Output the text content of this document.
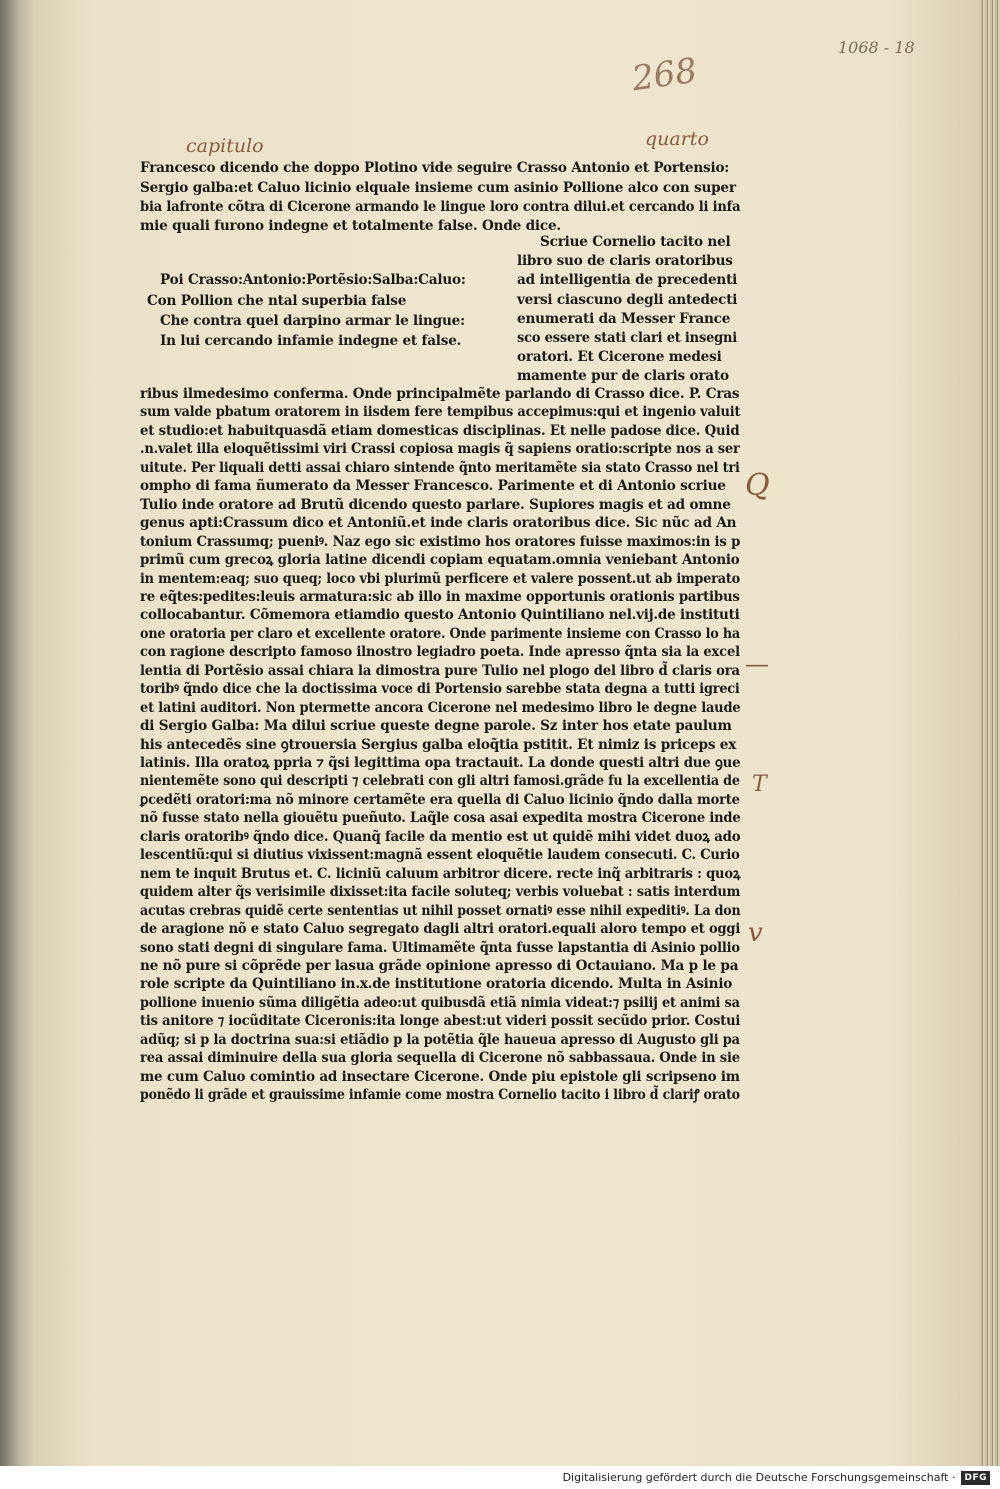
1068 - 18
268
capitulo	quarto
Q
—
T
v
Francesco dicendo che doppo Plotino vide seguire Crasso Antonio et Portensio:
Sergio galba:et Caluo licinio elquale insieme cum asinio Pollione alco con super
bia lafronte cõtra di Cicerone armando le lingue loro contra dilui.et cercando li infa
mie quali furono indegne et totalmente false. Onde dice.
Poi Crasso:Antonio:Portẽsio:Salba:Caluo:
Con Pollion che ntal superbia false
Che contra quel darpino armar le lingue:
In lui cercando infamie indegne et false.
Scriue Cornelio tacito nel
libro suo de claris oratoribus
ad intelligentia de precedenti
versi ciascuno degli antedecti
enumerati da Messer France
sco essere stati clari et insegni
oratori. Et Cicerone medesi
mamente pur de claris orato
ribus ilmedesimo conferma. Onde principalmẽte parlando di Crasso dice. P. Cras
sum valde pbatum oratorem in iisdem fere tempibus accepimus:qui et ingenio valuit
et studio:et habuitquasdã etiam domesticas disciplinas. Et nelle padose dice. Quid
.n.valet illa eloquẽtissimi viri Crassi copiosa magis q̃ sapiens oratio:scripte nos a ser
uitute. Per liquali detti assai chiaro sintende q̃nto meritamẽte sia stato Crasso nel tri
ompho di fama ñumerato da Messer Francesco. Parimente et di Antonio scriue
Tulio inde oratore ad Brutũ dicendo questo parlare. Supiores magis et ad omne
genus apti:Crassum dico et Antoniũ.et inde claris oratoribus dice. Sic nũc ad An
tonium Crassumq; pueniꝰ. Naz ego sic existimo hos oratores fuisse maximos:in is p
primũ cum grecoꝝ gloria latine dicendi copiam equatam.omnia veniebant Antonio
in mentem:eaq; suo queq; loco vbi plurimũ perficere et valere possent.ut ab imperato
re eq̃tes:pedites:leuis armatura:sic ab illo in maxime opportunis orationis partibus
collocabantur. Cõmemora etiamdio questo Antonio Quintiliano nel.vij.de instituti
one oratoria per claro et excellente oratore. Onde parimente insieme con Crasso lo ha
con ragione descripto famoso ilnostro legiadro poeta. Inde apresso q̃nta sia la excel
lentia di Portẽsio assai chiara la dimostra pure Tulio nel plogo del libro d̃ claris ora
toribꝰ q̃ndo dice che la doctissima voce di Portensio sarebbe stata degna a tutti igreci
et latini auditori. Non ptermette ancora Cicerone nel medesimo libro le degne laude
di Sergio Galba: Ma dilui scriue queste degne parole. Sz inter hos etate paulum
his antecedẽs sine ꝯtrouersia Sergius galba eloq̃tia pstitit. Et nimiz is priceps ex
latinis. Illa oratoꝝ ppria ⁊ q̃si legittima opa tractauit. La donde questi altri due ꝯue
nientemẽte sono qui descripti ⁊ celebrati con gli altri famosi.grãde fu la excellentia de
ꝑcedẽti oratori:ma nõ minore certamẽte era quella di Caluo licinio q̃ndo dalla morte
nõ fusse stato nella giouẽtu pueñuto. Laq̃le cosa asai expedita mostra Cicerone inde
claris oratoribꝰ q̃ndo dice. Quanq̃ facile da mentio est ut quidẽ mihi videt duoꝝ ado
lescentiũ:qui si diutius vixissent:magnã essent eloquẽtie laudem consecuti. C. Curio
nem te inquit Brutus et. C. liciniũ caluum arbitror dicere. recte inq̃ arbitraris : quoꝝ
quidem alter q̃s verisimile dixisset:ita facile soluteq; verbis voluebat : satis interdum
acutas crebras quidẽ certe sententias ut nihil posset ornatiꝰ esse nihil expeditiꝰ. La don
de aragione nõ e stato Caluo segregato dagli altri oratori.equali aloro tempo et oggi
sono stati degni di singulare fama. Ultimamẽte q̃nta fusse lapstantia di Asinio pollio
ne nõ pure si cõprẽde per lasua grãde opinione apresso di Octauiano. Ma p le pa
role scripte da Quintiliano in.x.de institutione oratoria dicendo. Multa in Asinio
pollione inuenio sũma diligẽtia adeo:ut quibusdã etiã nimia videat:⁊ psilij et animi sa
tis anitore ⁊ iocũditate Ciceronis:ita longe abest:ut videri possit secũdo prior. Costui
adũq; si p la doctrina sua:si etiãdio p la potẽtia q̃le haueua apresso di Augusto gli pa
rea assai diminuire della sua gloria sequella di Cicerone nõ sabbassaua. Onde in sie
me cum Caluo comintio ad insectare Cicerone. Onde piu epistole gli scripseno im
ponẽdo li grãde et grauissime infamie come mostra Cornelio tacito i libro d̃ clariꝭ orato
Digitalisierung gefördert durch die Deutsche Forschungsgemeinschaft ·	DFG
